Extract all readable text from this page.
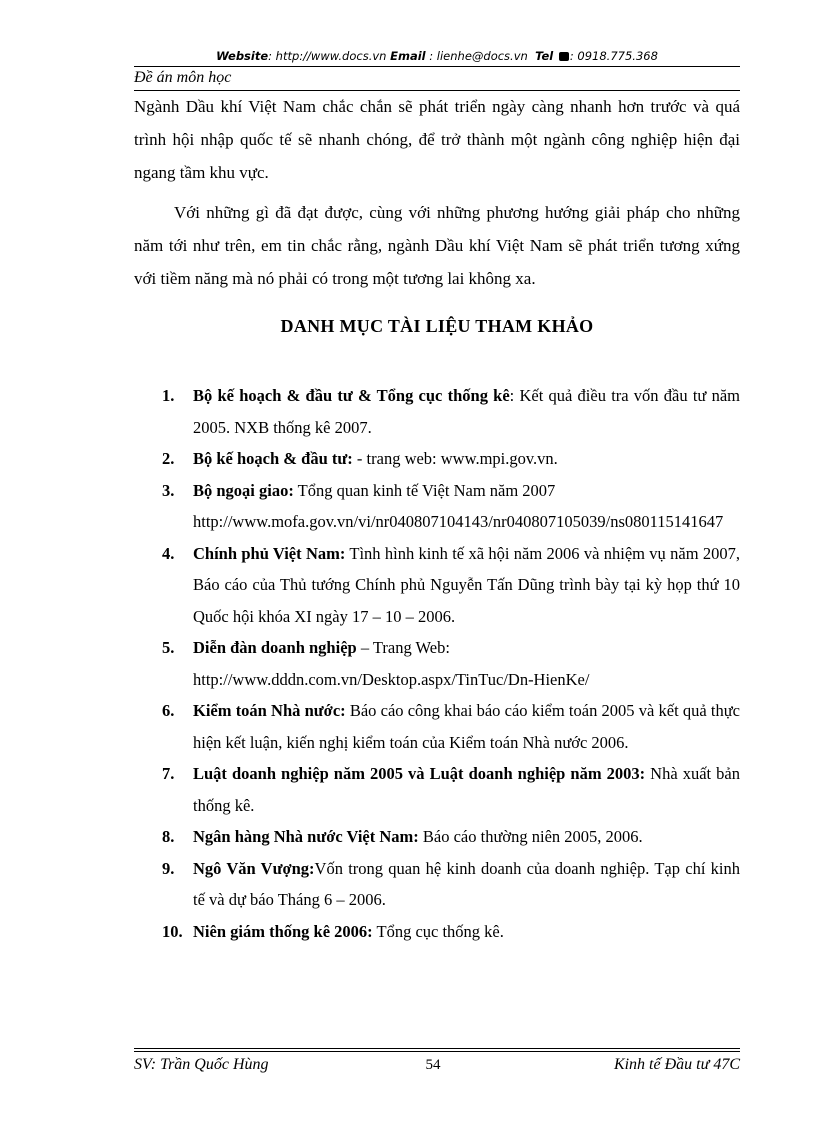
Website: http://www.docs.vn Email : lienhe@docs.vn Tel : 0918.775.368
Đề án môn học

Ngành Dầu khí Việt Nam chắc chắn sẽ phát triển ngày càng nhanh hơn trước và quá trình hội nhập quốc tế sẽ nhanh chóng, để trở thành một ngành công nghiệp hiện đại ngang tầm khu vực.

Với những gì đã đạt được, cùng với những phương hướng giải pháp cho những năm tới như trên, em tin chắc rằng, ngành Dầu khí Việt Nam sẽ phát triển tương xứng với tiềm năng mà nó phải có trong một tương lai không xa.

DANH MỤC TÀI LIỆU THAM KHẢO
1. Bộ kế hoạch & đầu tư & Tổng cục thống kê: Kết quả điều tra vốn đầu tư năm 2005. NXB thống kê 2007.
2. Bộ kế hoạch & đầu tư: - trang web: www.mpi.gov.vn.
3. Bộ ngoại giao: Tổng quan kinh tế Việt Nam năm 2007
http://www.mofa.gov.vn/vi/nr040807104143/nr040807105039/ns080115141647
4. Chính phủ Việt Nam: Tình hình kinh tế xã hội năm 2006 và nhiệm vụ năm 2007, Báo cáo của Thủ tướng Chính phủ Nguyễn Tấn Dũng trình bày tại kỳ họp thứ 10 Quốc hội khóa XI ngày 17 – 10 – 2006.
5. Diễn đàn doanh nghiệp – Trang Web:
http://www.dddn.com.vn/Desktop.aspx/TinTuc/Dn-HienKe/
6. Kiểm toán Nhà nước: Báo cáo công khai báo cáo kiểm toán 2005 và kết quả thực hiện kết luận, kiến nghị kiểm toán của Kiểm toán Nhà nước 2006.
7. Luật doanh nghiệp năm 2005 và Luật doanh nghiệp năm 2003: Nhà xuất bản thống kê.
8. Ngân hàng Nhà nước Việt Nam: Báo cáo thường niên 2005, 2006.
9. Ngô Văn Vượng:Vốn trong quan hệ kinh doanh của doanh nghiệp. Tạp chí kinh tế và dự báo Tháng 6 – 2006.
10. Niên giám thống kê 2006: Tổng cục thống kê.
SV: Trần Quốc Hùng	54	Kinh tế Đầu tư 47C
